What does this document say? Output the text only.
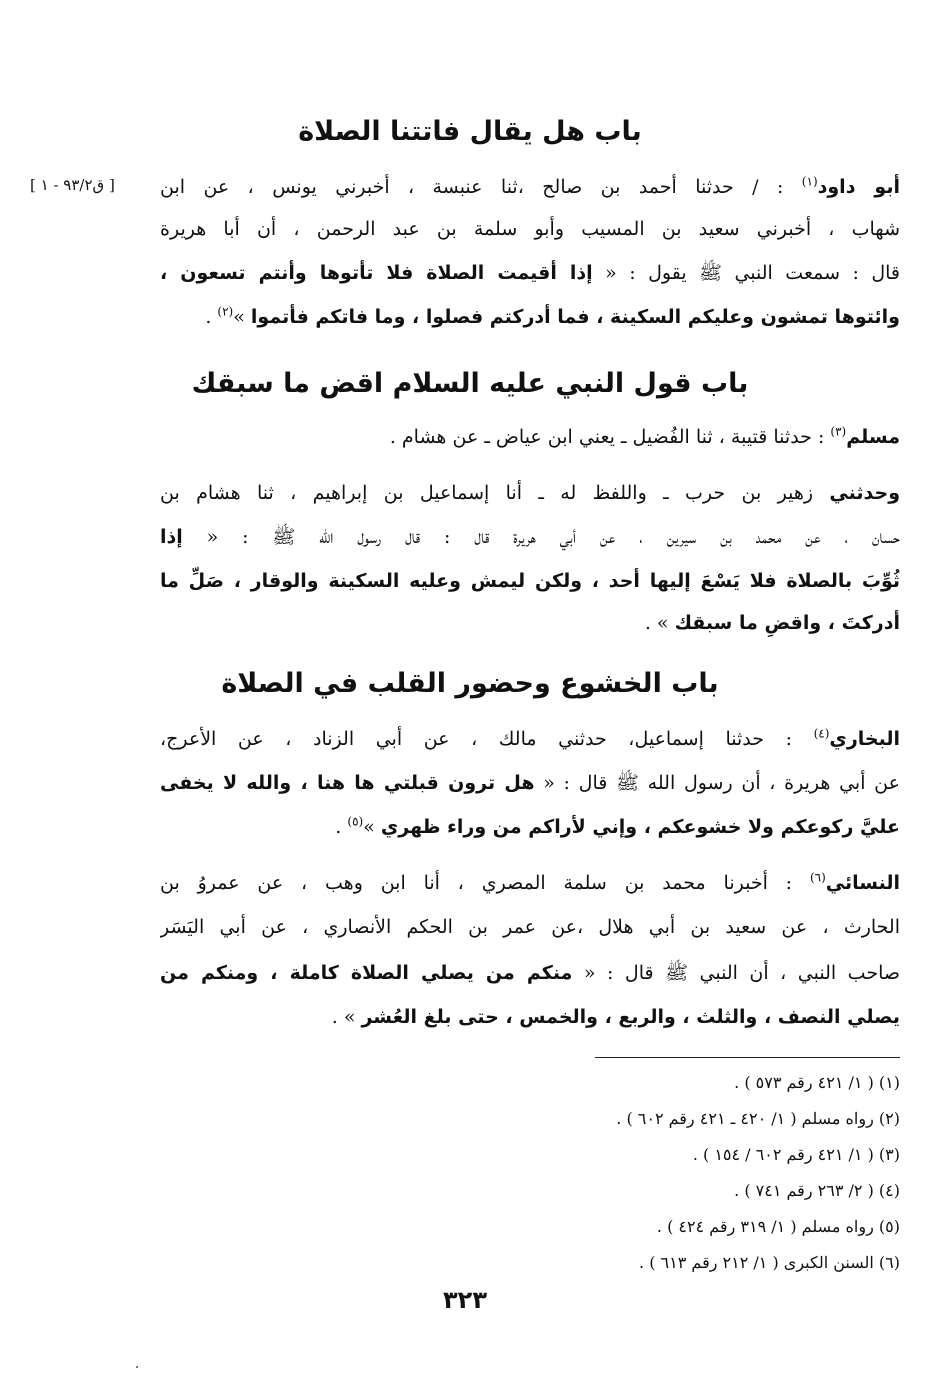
[ ق٩٣/٢ - ١ ]
باب هل يقال فاتتنا الصلاة
أبو داود$^{(١)}$ : / حدثنا أحمد بن صالح ،ثنا عنبسة ، أخبرني يونس ، عن ابن
شهاب ، أخبرني سعيد بن المسيب وأبو سلمة بن عبد الرحمن ، أن أبا هريرة
قال : سمعت النبي ﷺ يقول : « إذا أقيمت الصلاة فلا تأتوها وأنتم تسعون ،
وائتوها تمشون وعليكم السكينة ، فما أدركتم فصلوا ، وما فاتكم فأتموا »$^{(٢)}$ .
باب قول النبي عليه السلام اقض ما سبقك
مسلم$^{(٣)}$ : حدثنا قتيبة ، ثنا الفُضيل ـ يعني ابن عياض ـ عن هشام .
وحدثني زهير بن حرب ـ واللفظ له ـ أنا إسماعيل بن إبراهيم ، ثنا هشام بن
حسان ، عن محمد بن سيرين ، عن أبي هريرة قال : قال رسول الله ﷺ : « إذا
ثُوِّبَ بالصلاة فلا يَسْعَ إليها أحد ، ولكن ليمش وعليه السكينة والوقار ، صَلِّ ما
أدركتَ ، واقضِ ما سبقك » .
باب الخشوع وحضور القلب في الصلاة
البخاري$^{(٤)}$ : حدثنا إسماعيل، حدثني مالك ، عن أبي الزناد ، عن الأعرج،
عن أبي هريرة ، أن رسول الله ﷺ قال : « هل ترون قبلتي ها هنا ، والله لا يخفى
عليَّ ركوعكم ولا خشوعكم ، وإني لأراكم من وراء ظهري »$^{(٥)}$ .
النسائي$^{(٦)}$ : أخبرنا محمد بن سلمة المصري ، أنا ابن وهب ، عن عمروُ بن
الحارث ، عن سعيد بن أبي هلال ،عن عمر بن الحكم الأنصاري ، عن أبي اليَسَر
صاحب النبي ، أن النبي ﷺ قال : « منكم من يصلي الصلاة كاملة ، ومنكم من
يصلي النصف ، والثلث ، والربع ، والخمس ، حتى بلغ العُشر » .
(١) ( ١/ ٤٢١ رقم ٥٧٣ ) .
(٢) رواه مسلم ( ١/ ٤٢٠ ـ ٤٢١ رقم ٦٠٢ ) .
(٣) ( ١/ ٤٢١ رقم ٦٠٢ / ١٥٤ ) .
(٤) ( ٢/ ٢٦٣ رقم ٧٤١ ) .
(٥) رواه مسلم ( ١/ ٣١٩ رقم ٤٢٤ ) .
(٦) السنن الكبرى ( ١/ ٢١٢ رقم ٦١٣ ) .
٣٢٣
